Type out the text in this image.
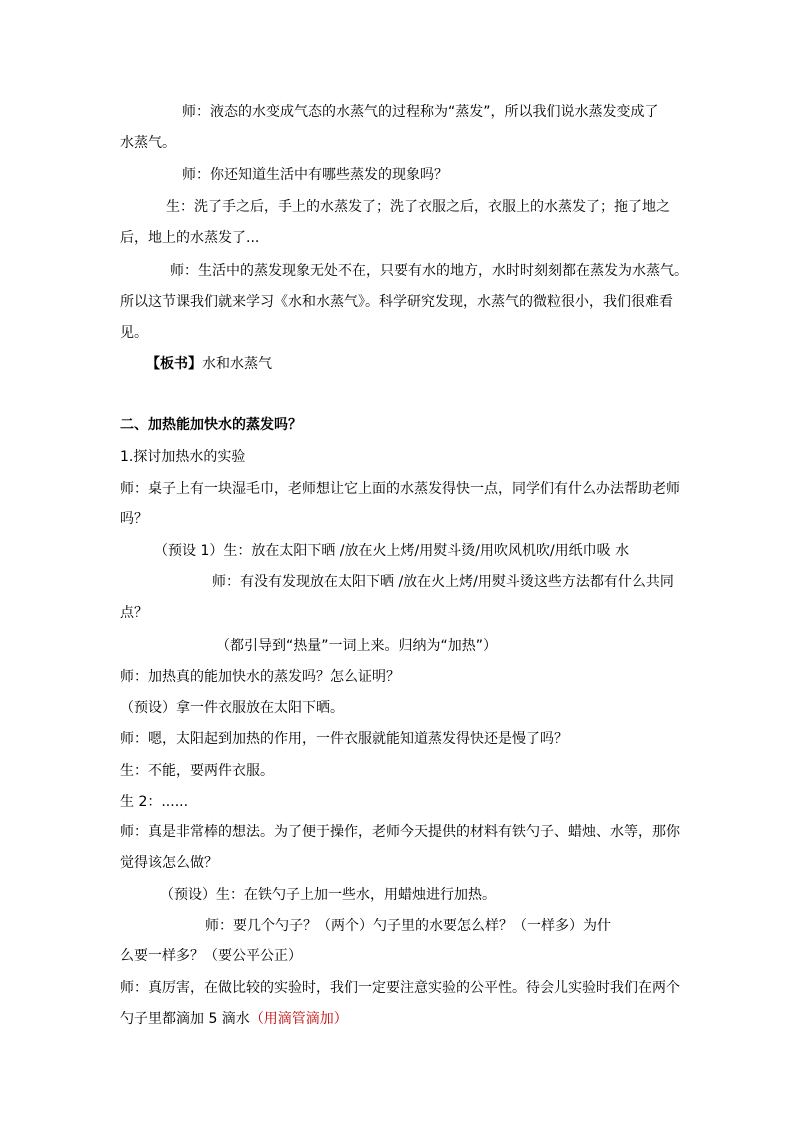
师：液态的水变成气态的水蒸气的过程称为“蒸发”，所以我们说水蒸发变成了
水蒸气。
师：你还知道生活中有哪些蒸发的现象吗？
生：洗了手之后，手上的水蒸发了；洗了衣服之后，衣服上的水蒸发了；拖了地之
后，地上的水蒸发了...
师：生活中的蒸发现象无处不在，只要有水的地方，水时时刻刻都在蒸发为水蒸气。
所以这节课我们就来学习《水和水蒸气》。科学研究发现，水蒸气的微粒很小，我们很难看
见。
【板书】水和水蒸气
二、加热能加快水的蒸发吗？
1.探讨加热水的实验
师：桌子上有一块湿毛巾，老师想让它上面的水蒸发得快一点，同学们有什么办法帮助老师
吗？
（预设 1）生：放在太阳下晒 /放在火上烤/用熨斗烫/用吹风机吹/用纸巾吸 水
师：有没有发现放在太阳下晒 /放在火上烤/用熨斗烫这些方法都有什么共同
点？
（都引导到“热量”一词上来。归纳为“加热”）
师：加热真的能加快水的蒸发吗？怎么证明？
（预设）拿一件衣服放在太阳下晒。
师：嗯，太阳起到加热的作用，一件衣服就能知道蒸发得快还是慢了吗？
生：不能，要两件衣服。
生 2：......
师：真是非常棒的想法。为了便于操作，老师今天提供的材料有铁勺子、蜡烛、水等，那你
觉得该怎么做？
（预设）生：在铁勺子上加一些水，用蜡烛进行加热。
师：要几个勺子？（两个）勺子里的水要怎么样？（一样多）为什
么要一样多？（要公平公正）
师：真厉害，在做比较的实验时，我们一定要注意实验的公平性。待会儿实验时我们在两个
勺子里都滴加 5 滴水（用滴管滴加）
